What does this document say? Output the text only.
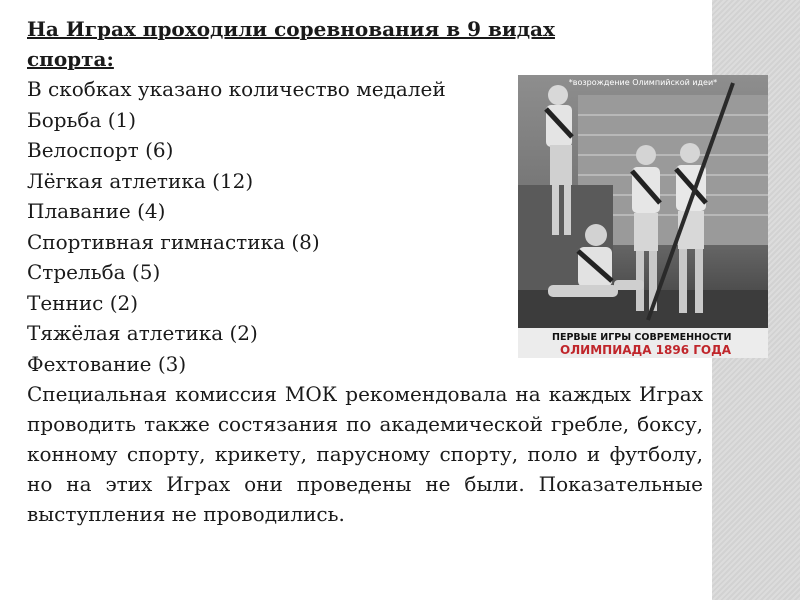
На Играх проходили соревнования в 9 видах
спорта:
В скобках указано количество медалей
Борьба (1)
Велоспорт (6)
Лёгкая атлетика (12)
Плавание (4)
Спортивная гимнастика (8)
Стрельба (5)
Теннис (2)
Тяжёлая атлетика (2)
Фехтование (3)

Специальная комиссия МОК рекомендовала на каждых Играх проводить также состязания по академической гребле, боксу, конному спорту, крикету, парусному спорту, поло и футболу, но на этих Играх они проведены не были. Показательные выступления не проводились.

*возрождение Олимпийской идеи*
ПЕРВЫЕ ИГРЫ СОВРЕМЕННОСТИ
ОЛИМПИАДА 1896 ГОДА
